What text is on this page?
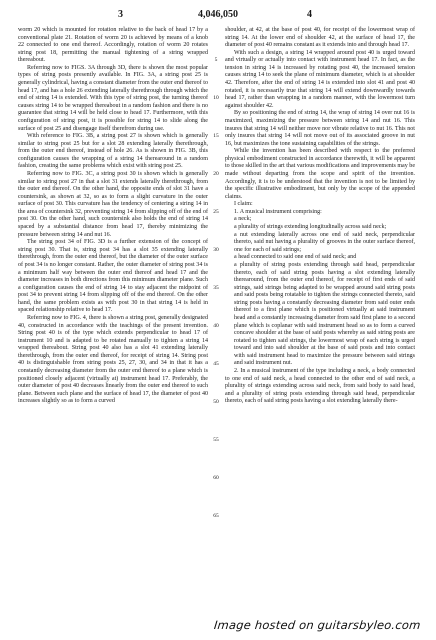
3	4,046,050	4

worm 20 which is mounted for rotation relative to the back of head 17 by a conventional plate 21. Rotation of worm 20 is achieved by means of a knob 22 connected to one end thereof. Accordingly, rotation of worm 20 rotates string post 18, permitting the manual tightening of a string wrapped thereabout.

Referring now to FIGS. 3A through 3D, there is shown the most popular types of string posts presently available. In FIG. 3A, a string post 25 is generally cylindrical, having a constant diameter from the outer end thereof to head 17, and has a hole 26 extending laterally therethrough through which the end of string 14 is extended. With this type of string post, the turning thereof causes string 14 to be wrapped thereabout in a random fashion and there is no guarantee that string 14 will be held close to head 17. Furthermore, with this configuration of string post, it is possible for string 14 to slide along the surface of post 25 and disengage itself therefrom during use.

With reference to FIG. 3B, a string post 27 is shown which is generally similar to string post 25 but for a slot 28 extending laterally therethrough, from the outer end thereof, instead of hole 26. As is shown in FIG. 3B, this configuration causes the wrapping of a string 14 therearound in a random fashion, creating the same problems which exist with string post 25.

Referring now to FIG. 3C, a string post 30 is shown which is generally similar to string post 27 in that a slot 31 extends laterally therethrough, from the outer end thereof. On the other hand, the opposite ends of slot 31 have a countersink, as shown at 32, so as to form a slight curvature in the outer surface of post 30. This curvature has the tendency of centering a string 14 in the area of countersink 32, preventing string 14 from slipping off of the end of post 30. On the other hand, such countersink also holds the end of string 14 spaced by a substantial distance from head 17, thereby minimizing the pressure between string 14 and nut 16.

The string post 34 of FIG. 3D is a further extension of the concept of string post 30. That is, string post 34 has a slot 35 extending laterally therethrough, from the outer end thereof, but the diameter of the outer surface of post 34 is no longer constant. Rather, the outer diameter of string post 34 is a minimum half way between the outer end thereof and head 17 and the diameter increases in both directions from this minimum diameter plane. Such a configuration causes the end of string 14 to stay adjacent the midpoint of post 34 to prevent string 14 from slipping off of the end thereof. On the other hand, the same problem exists as with post 30 in that string 14 is held in spaced relationship relative to head 17.

Referring now to FIG. 4, there is shown a string post, generally designated 40, constructed in accordance with the teachings of the present invention. String post 40 is of the type which extends perpendicular to head 17 of instrument 10 and is adapted to be rotated manually to tighten a string 14 wrapped thereabout. String post 40 also has a slot 41 extending laterally therethrough, from the outer end thereof, for receipt of string 14. String post 40 is distinguishable from string posts 25, 27, 30, and 34 in that it has a constantly decreasing diameter from the outer end thereof to a plane which is positioned closely adjacent (virtually at) instrument head 17. Preferably, the outer diameter of post 40 decreases linearly from the outer end thereof to such plane. Between such plane and the surface of head 17, the diameter of post 40 increases slightly so as to form a curved

5
10
15
20
25
30
35
40
45
50
55
60
65

shoulder, at 42, at the base of post 40, for receipt of the lowermost wrap of string 14. At the lower end of shoulder 42, at the surface of head 17, the diameter of post 40 remains constant as it extends into and through head 17.

With such a design, a string 14 wrapped around post 40 is urged toward and virtually or actually into contact with instrument head 17. In fact, as the tension in string 14 is increased by rotating post 40, the increased tension causes string 14 to seek the plane of minimum diameter, which is at shoulder 42. Therefore, after the end of string 14 is extended into slot 41 and post 40 rotated, it is necessarily true that string 14 will extend downwardly towards head 17, rather than wrapping in a random manner, with the lowermost turn against shoulder 42.

By so positioning the end of string 14, the wrap of string 14 over nut 16 is maximized, maximizing the pressure between string 14 and nut 16. This insures that string 14 will neither move nor vibrate relative to nut 16. This not only insures that string 14 will not move out of its associated groove in nut 16, but maximizes the tone sustaining capabilities of the strings.

While the invention has been described with respect to the preferred physical embodiment constructed in accordance therewith, it will be apparent to those skilled in the art that various modifications and improvements may be made without departing from the scope and spirit of the invention. Accordingly, it is to be understood that the invention is not to be limited by the specific illustrative embodiment, but only by the scope of the appended claims.

I claim:

1. A musical instrument comprising:

a neck;

a plurality of strings extending longitudinally across said neck;

a nut extending laterally across one end of said neck, perpendicular thereto, said nut having a plurality of grooves in the outer surface thereof, one for each of said strings;

a head connected to said one end of said neck; and

a plurality of string posts extending through said head, perpendicular thereto, each of said string posts having a slot extending laterally therearound, from the outer end thereof, for receipt of first ends of said strings, said strings being adapted to be wrapped around said string posts and said posts being rotatable to tighten the strings connected thereto, said string posts having a constantly decreasing diameter from said outer ends thereof to a first plane which is positioned virtually at said instrument head and a constantly increasing diameter from said first plane to a second plane which is coplanar with said instrument head so as to form a curved concave shoulder at the base of said posts whereby as said string posts are rotated to tighten said strings, the lowermost wrap of each string is urged toward and into said shoulder at the base of said posts and into contact with said instrument head to maximize the pressure between said strings and said instrument nut.

2. In a musical instrument of the type including a neck, a body connected to one end of said neck, a head connected to the other end of said neck, a plurality of strings extending across said neck, from said body to said head, and a plurality of string posts extending through said head, perpendicular thereto, each of said string posts having a slot extending laterally there-

Image hosted on guitarsbyleo.com
